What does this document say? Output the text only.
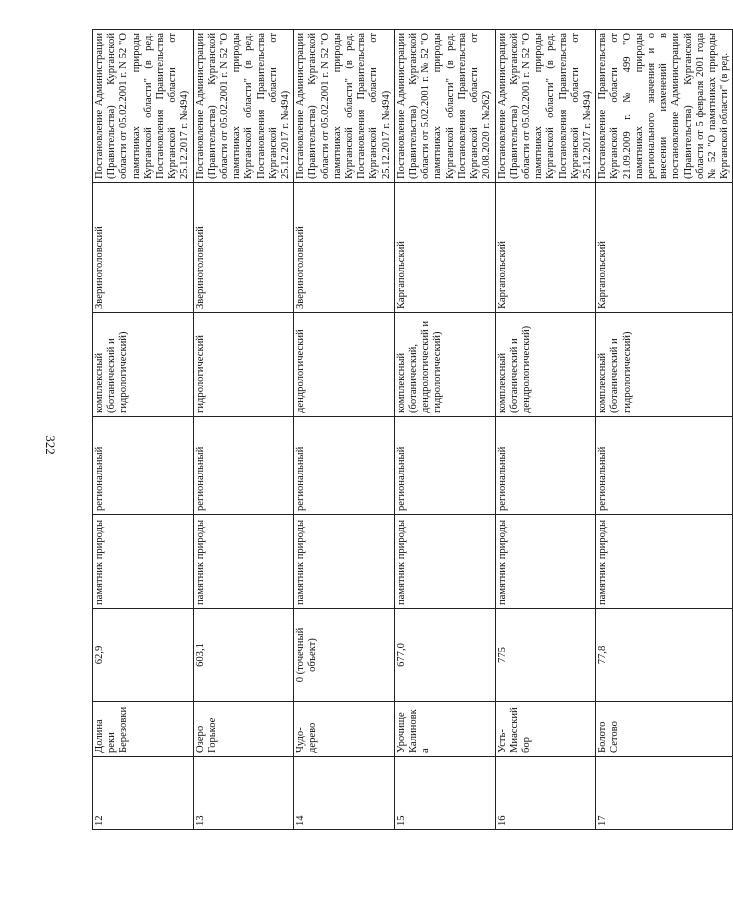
322
12	Долина реки Березовки	62,9	памятник природы	региональный	комплексный (ботанический и гидрологический)	Звериноголовский	Постановление Администрации (Правительства) Курганской области от 05.02.2001 г. N 52 "О памятниках природы Курганской области" (в ред. Постановления Правительства Курганской области от 25.12.2017 г. №494)
13	Озеро Горькое	603,1	памятник природы	региональный	гидрологический	Звериноголовский	Постановление Администрации (Правительства) Курганской области от 05.02.2001 г. N 52 "О памятниках природы Курганской области" (в ред. Постановления Правительства Курганской области от 25.12.2017 г. №494)
14	Чудо-дерево	0 (точечный объект)	памятник природы	региональный	дендрологический	Звериноголовский	Постановление Администрации (Правительства) Курганской области от 05.02.2001 г. N 52 "О памятниках природы Курганской области" (в ред. Постановления Правительства Курганской области от 25.12.2017 г. №494)
15	Урочище Калиновка	677,0	памятник природы	региональный	комплексный (ботанический, дендрологический и гидрологический)	Каргапольский	Постановление Администрации (Правительства) Курганской области от 5.02.2001 г. № 52 "О памятниках природы Курганской области" (в ред. Постановления Правительства Курганской области от 20.08.2020 г. №262)
16	Усть-Миасский бор	775	памятник природы	региональный	комплексный (ботанический и дендрологический)	Каргапольский	Постановление Администрации (Правительства) Курганской области от 05.02.2001 г. N 52 "О памятниках природы Курганской области" (в ред. Постановления Правительства Курганской области от 25.12.2017 г. №494)
17	Болото Сетово	77,8	памятник природы	региональный	комплексный (ботанический и гидрологический)	Каргапольский	Постановление Правительства Курганской области от 21.09.2009 г. № 499 "О памятниках природы регионального значения и о внесении изменений в постановление Администрации (Правительства) Курганской области от 5 февраля 2001 года № 52 "О памятниках природы Курганской области" (в ред.
